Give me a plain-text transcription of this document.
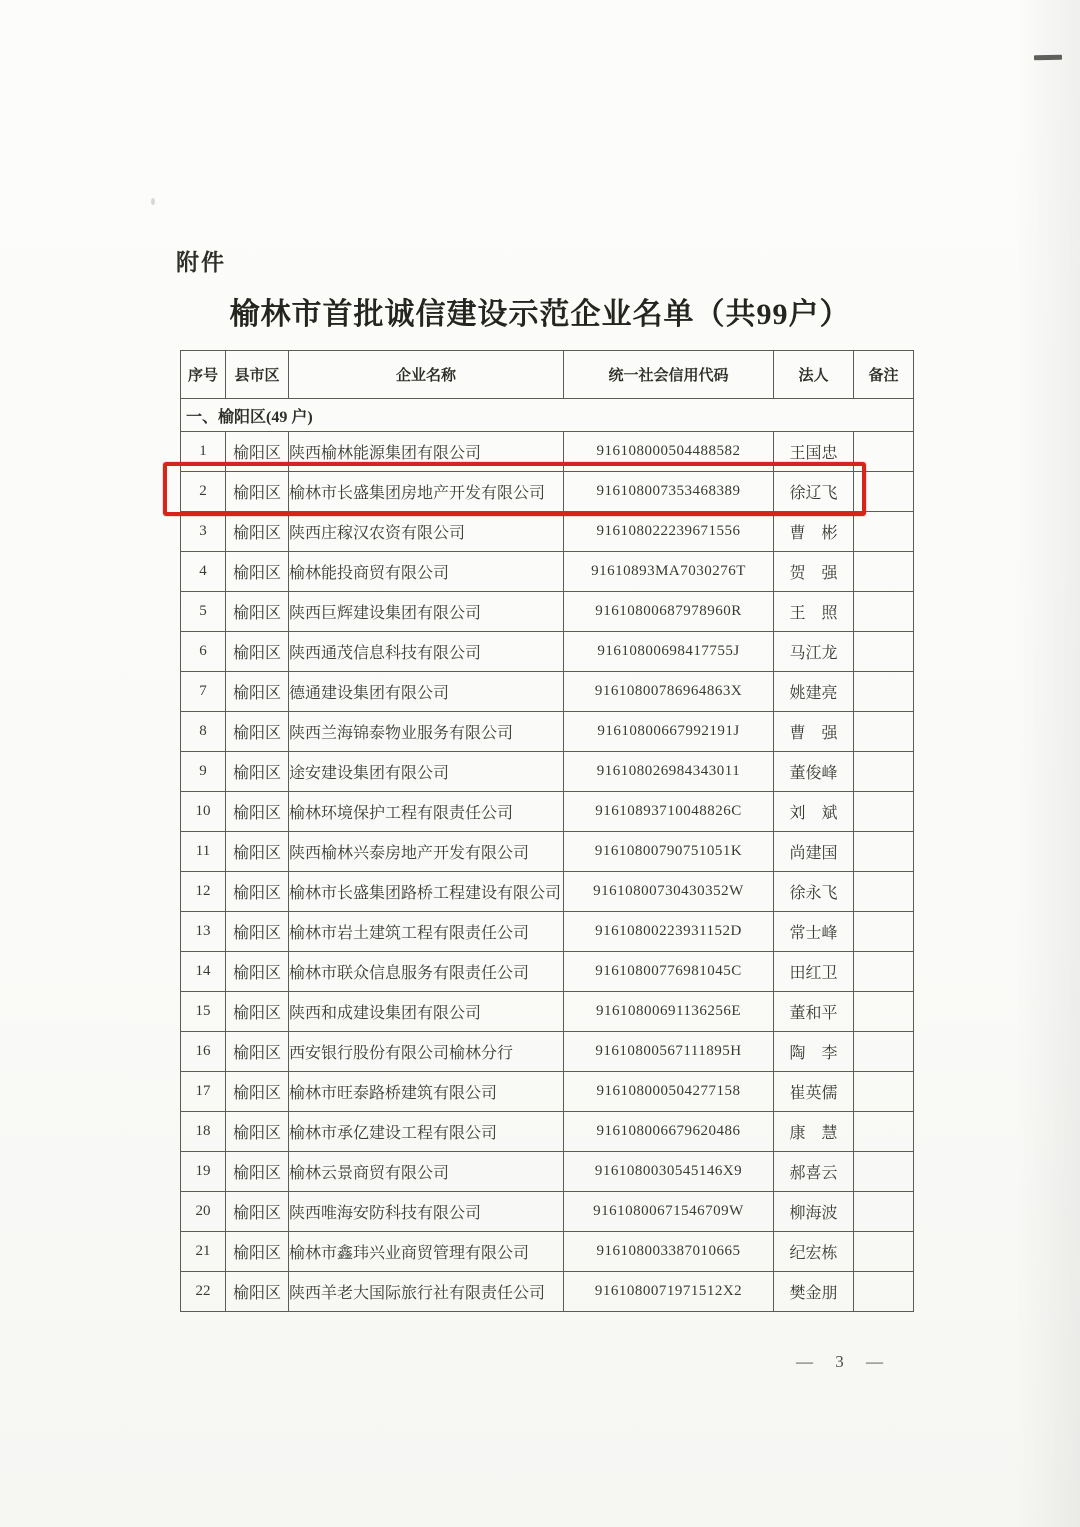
附件
榆林市首批诚信建设示范企业名单（共99户）
序号	县市区	企业名称	统一社会信用代码	法人	备注
一、榆阳区(49 户)					
1	榆阳区	陕西榆林能源集团有限公司	916108000504488582	王国忠	
2	榆阳区	榆林市长盛集团房地产开发有限公司	916108007353468389	徐辽飞	
3	榆阳区	陕西庄稼汉农资有限公司	916108022239671556	曹　彬	
4	榆阳区	榆林能投商贸有限公司	91610893MA7030276T	贺　强	
5	榆阳区	陕西巨辉建设集团有限公司	91610800687978960R	王　照	
6	榆阳区	陕西通茂信息科技有限公司	91610800698417755J	马江龙	
7	榆阳区	德通建设集团有限公司	91610800786964863X	姚建亮	
8	榆阳区	陕西兰海锦泰物业服务有限公司	91610800667992191J	曹　强	
9	榆阳区	途安建设集团有限公司	916108026984343011	董俊峰	
10	榆阳区	榆林环境保护工程有限责任公司	91610893710048826C	刘　斌	
11	榆阳区	陕西榆林兴泰房地产开发有限公司	91610800790751051K	尚建国	
12	榆阳区	榆林市长盛集团路桥工程建设有限公司	91610800730430352W	徐永飞	
13	榆阳区	榆林市岩土建筑工程有限责任公司	91610800223931152D	常士峰	
14	榆阳区	榆林市联众信息服务有限责任公司	91610800776981045C	田红卫	
15	榆阳区	陕西和成建设集团有限公司	91610800691136256E	董和平	
16	榆阳区	西安银行股份有限公司榆林分行	91610800567111895H	陶　李	
17	榆阳区	榆林市旺泰路桥建筑有限公司	916108000504277158	崔英儒	
18	榆阳区	榆林市承亿建设工程有限公司	916108006679620486	康　慧	
19	榆阳区	榆林云景商贸有限公司	9161080030545146X9	郝喜云	
20	榆阳区	陕西唯海安防科技有限公司	91610800671546709W	柳海波	
21	榆阳区	榆林市鑫玮兴业商贸管理有限公司	916108003387010665	纪宏栋	
22	榆阳区	陕西羊老大国际旅行社有限责任公司	9161080071971512X2	樊金朋	
— 3 —
